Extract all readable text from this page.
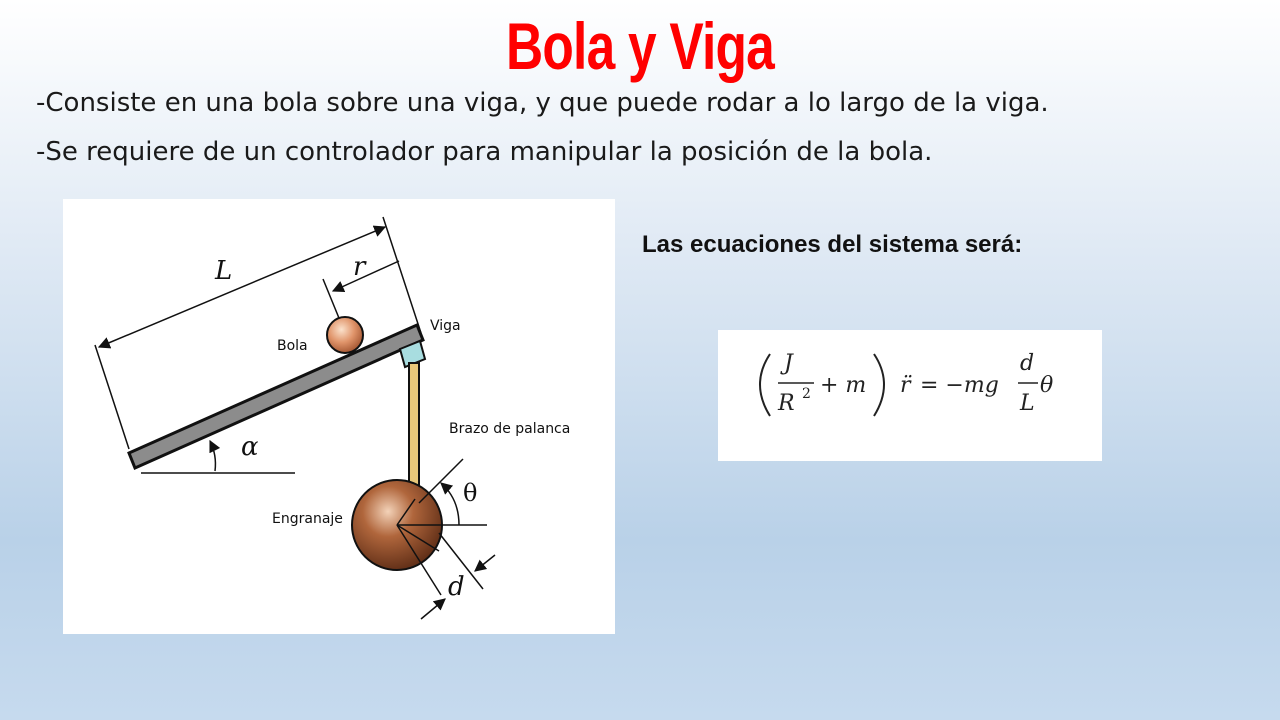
Bola y Viga
-Consiste en una bola sobre una viga, y que puede rodar a lo largo de la viga.
-Se requiere de un controlador para manipular la posición de la bola.
L	r
Bola
Viga
Brazo de palanca
α
Engranaje
θ
d
Las ecuaciones del sistema será:
J
R 2 + m r̈ = −mg
d
L
θ
